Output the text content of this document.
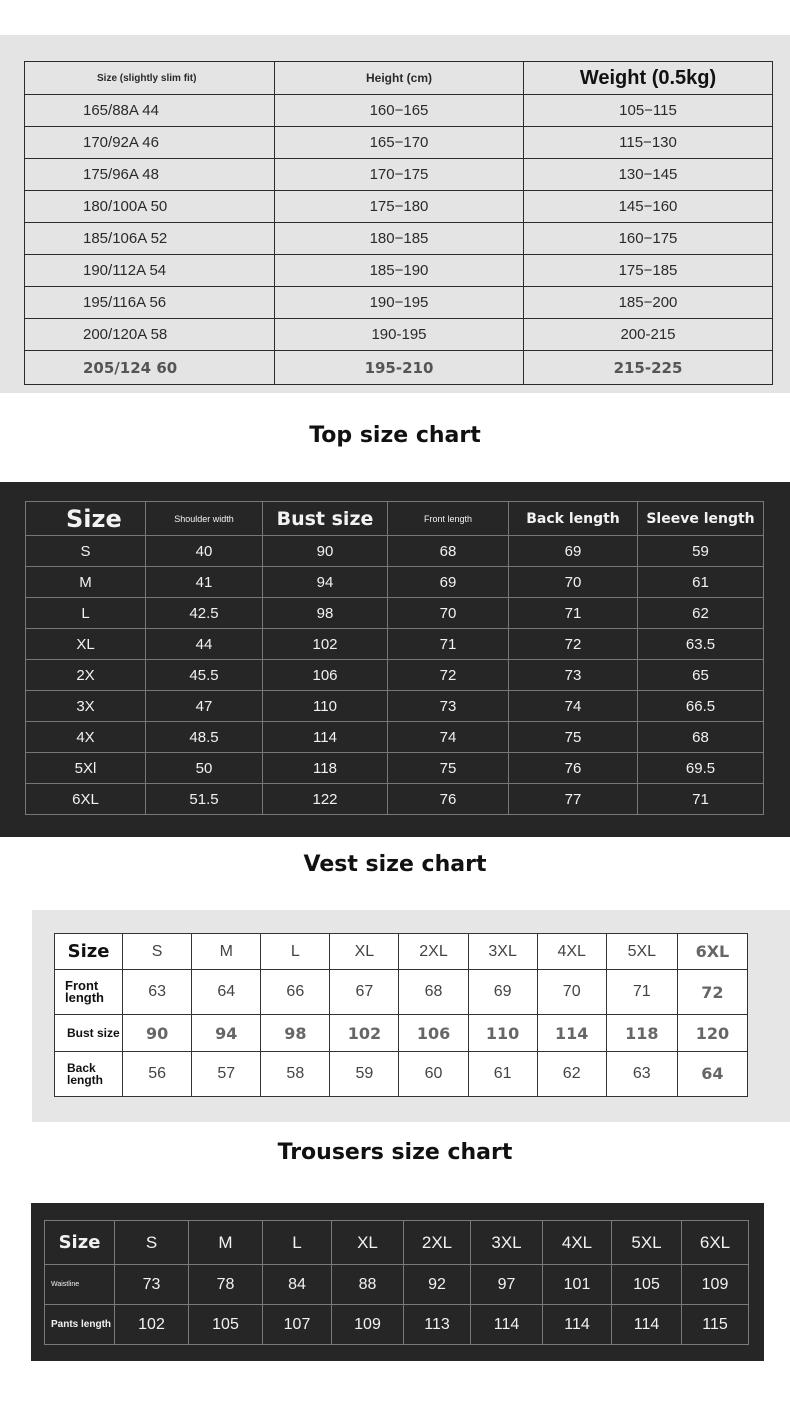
Size (slightly slim fit)	Height (cm)	Weight (0.5kg)
165/88A 44	160−165	105−115
170/92A 46	165−170	115−130
175/96A 48	170−175	130−145
180/100A 50	175−180	145−160
185/106A 52	180−185	160−175
190/112A 54	185−190	175−185
195/116A 56	190−195	185−200
200/120A 58	190-195	200-215
205/124 60	195-210	215-225
Top size chart
Size	Shoulder width	Bust size	Front length	Back length	Sleeve length
S	40	90	68	69	59
M	41	94	69	70	61
L	42.5	98	70	71	62
XL	44	102	71	72	63.5
2X	45.5	106	72	73	65
3X	47	110	73	74	66.5
4X	48.5	114	74	75	68
5Xl	50	118	75	76	69.5
6XL	51.5	122	76	77	71
Vest size chart
Size	S	M	L	XL	2XL	3XL	4XL	5XL	6XL
Front length	63	64	66	67	68	69	70	71	72
Bust size	90	94	98	102	106	110	114	118	120
Back length	56	57	58	59	60	61	62	63	64
Trousers size chart
Size	S	M	L	XL	2XL	3XL	4XL	5XL	6XL
Waistline	73	78	84	88	92	97	101	105	109
Pants length	102	105	107	109	113	114	114	114	115
